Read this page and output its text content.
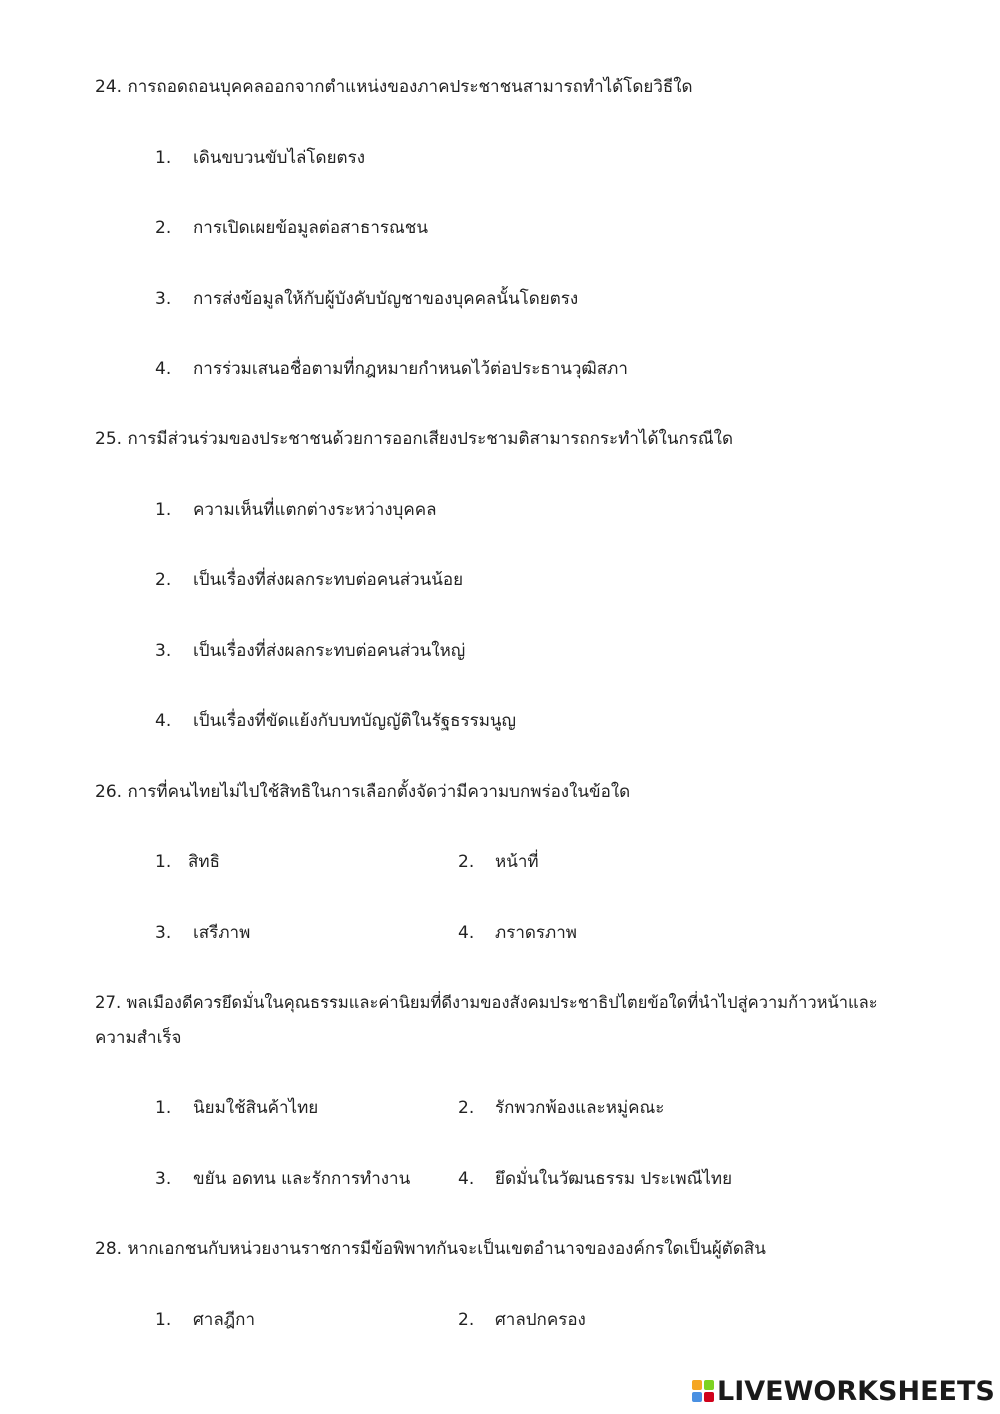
24. การถอดถอนบุคคลออกจากตำแหน่งของภาคประชาชนสามารถทำได้โดยวิธีใด
1. เดินขบวนขับไล่โดยตรง
2. การเปิดเผยข้อมูลต่อสาธารณชน
3. การส่งข้อมูลให้กับผู้บังคับบัญชาของบุคคลนั้นโดยตรง
4. การร่วมเสนอชื่อตามที่กฎหมายกำหนดไว้ต่อประธานวุฒิสภา
25. การมีส่วนร่วมของประชาชนด้วยการออกเสียงประชามติสามารถกระทำได้ในกรณีใด
1. ความเห็นที่แตกต่างระหว่างบุคคล
2. เป็นเรื่องที่ส่งผลกระทบต่อคนส่วนน้อย
3. เป็นเรื่องที่ส่งผลกระทบต่อคนส่วนใหญ่
4. เป็นเรื่องที่ขัดแย้งกับบทบัญญัติในรัฐธรรมนูญ
26. การที่คนไทยไม่ไปใช้สิทธิในการเลือกตั้งจัดว่ามีความบกพร่องในข้อใด
1. สิทธิ	2. หน้าที่
3. เสรีภาพ	4. ภราดรภาพ
27. พลเมืองดีควรยึดมั่นในคุณธรรมและค่านิยมที่ดีงามของสังคมประชาธิปไตยข้อใดที่นำไปสู่ความก้าวหน้าและ
ความสำเร็จ
1. นิยมใช้สินค้าไทย	2. รักพวกพ้องและหมู่คณะ
3. ขยัน อดทน และรักการทำงาน	4. ยึดมั่นในวัฒนธรรม ประเพณีไทย
28. หากเอกชนกับหน่วยงานราชการมีข้อพิพาทกันจะเป็นเขตอำนาจขององค์กรใดเป็นผู้ตัดสิน
1. ศาลฎีกา	2. ศาลปกครอง
LIVEWORKSHEETS
